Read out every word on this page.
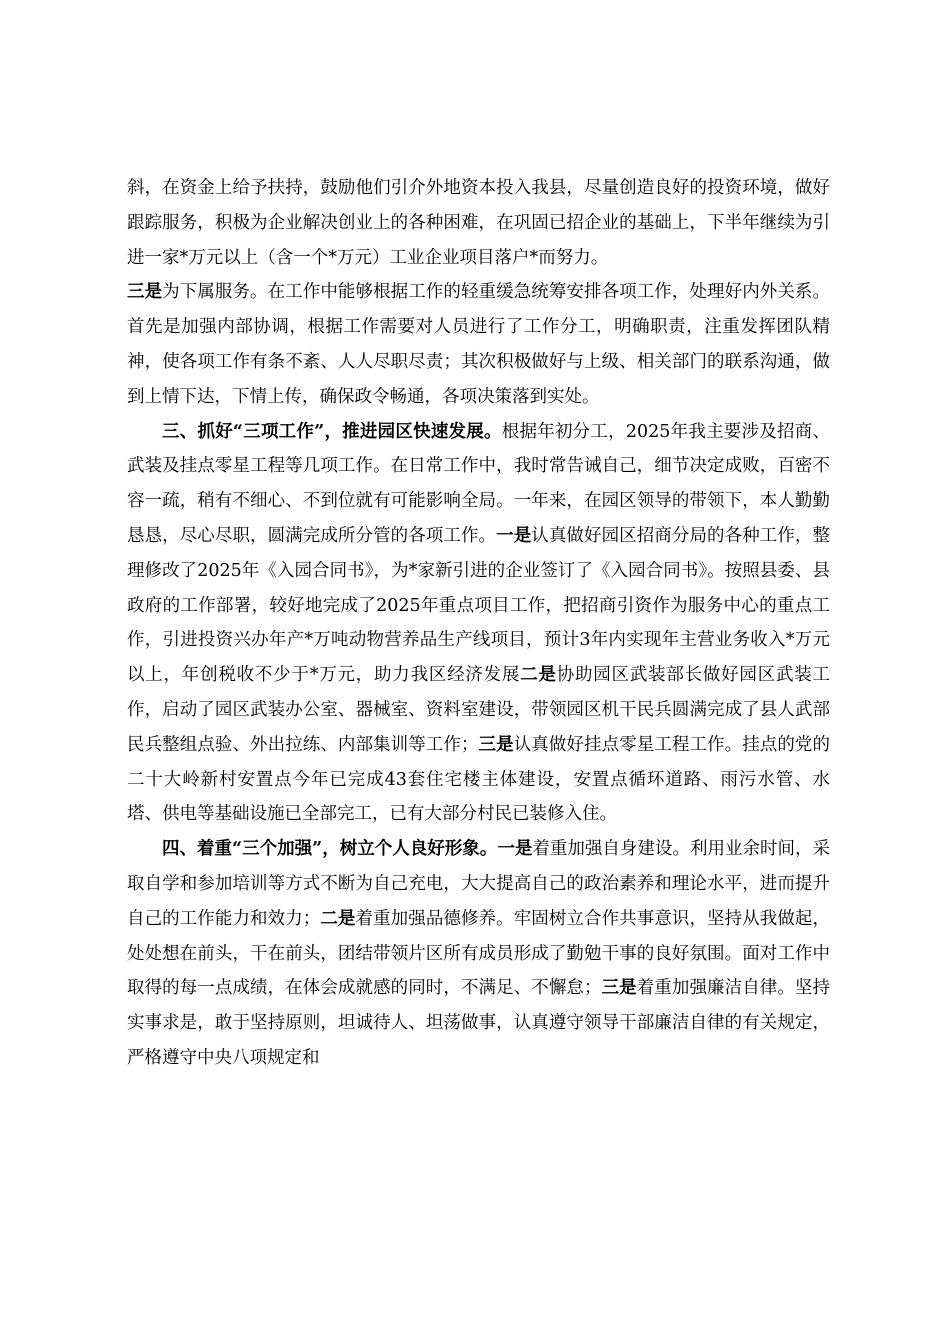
斜，在资金上给予扶持，鼓励他们引介外地资本投入我县，尽量创造良好的投资环境，做好跟踪服务，积极为企业解决创业上的各种困难，在巩固已招企业的基础上，下半年继续为引进一家*万元以上（含一个*万元）工业企业项目落户*而努力。

三是为下属服务。在工作中能够根据工作的轻重缓急统筹安排各项工作，处理好内外关系。首先是加强内部协调，根据工作需要对人员进行了工作分工，明确职责，注重发挥团队精神，使各项工作有条不紊、人人尽职尽责；其次积极做好与上级、相关部门的联系沟通，做到上情下达，下情上传，确保政令畅通，各项决策落到实处。

三、抓好“三项工作”，推进园区快速发展。根据年初分工，2025年我主要涉及招商、武装及挂点零星工程等几项工作。在日常工作中，我时常告诫自己，细节决定成败，百密不容一疏，稍有不细心、不到位就有可能影响全局。一年来，在园区领导的带领下，本人勤勤恳恳，尽心尽职，圆满完成所分管的各项工作。一是认真做好园区招商分局的各种工作，整理修改了2025年《入园合同书》，为*家新引进的企业签订了《入园合同书》。按照县委、县政府的工作部署，较好地完成了2025年重点项目工作，把招商引资作为服务中心的重点工作，引进投资兴办年产*万吨动物营养品生产线项目，预计3年内实现年主营业务收入*万元以上，年创税收不少于*万元，助力我区经济发展二是协助园区武装部长做好园区武装工作，启动了园区武装办公室、器械室、资料室建设，带领园区机干民兵圆满完成了县人武部民兵整组点验、外出拉练、内部集训等工作；三是认真做好挂点零星工程工作。挂点的党的二十大岭新村安置点今年已完成43套住宅楼主体建设，安置点循环道路、雨污水管、水塔、供电等基础设施已全部完工，已有大部分村民已装修入住。

四、着重“三个加强”，树立个人良好形象。一是着重加强自身建设。利用业余时间，采取自学和参加培训等方式不断为自己充电，大大提高自己的政治素养和理论水平，进而提升自己的工作能力和效力；二是着重加强品德修养。牢固树立合作共事意识，坚持从我做起，处处想在前头，干在前头，团结带领片区所有成员形成了勤勉干事的良好氛围。面对工作中取得的每一点成绩，在体会成就感的同时，不满足、不懈怠；三是着重加强廉洁自律。坚持实事求是，敢于坚持原则，坦诚待人、坦荡做事，认真遵守领导干部廉洁自律的有关规定，严格遵守中央八项规定和
